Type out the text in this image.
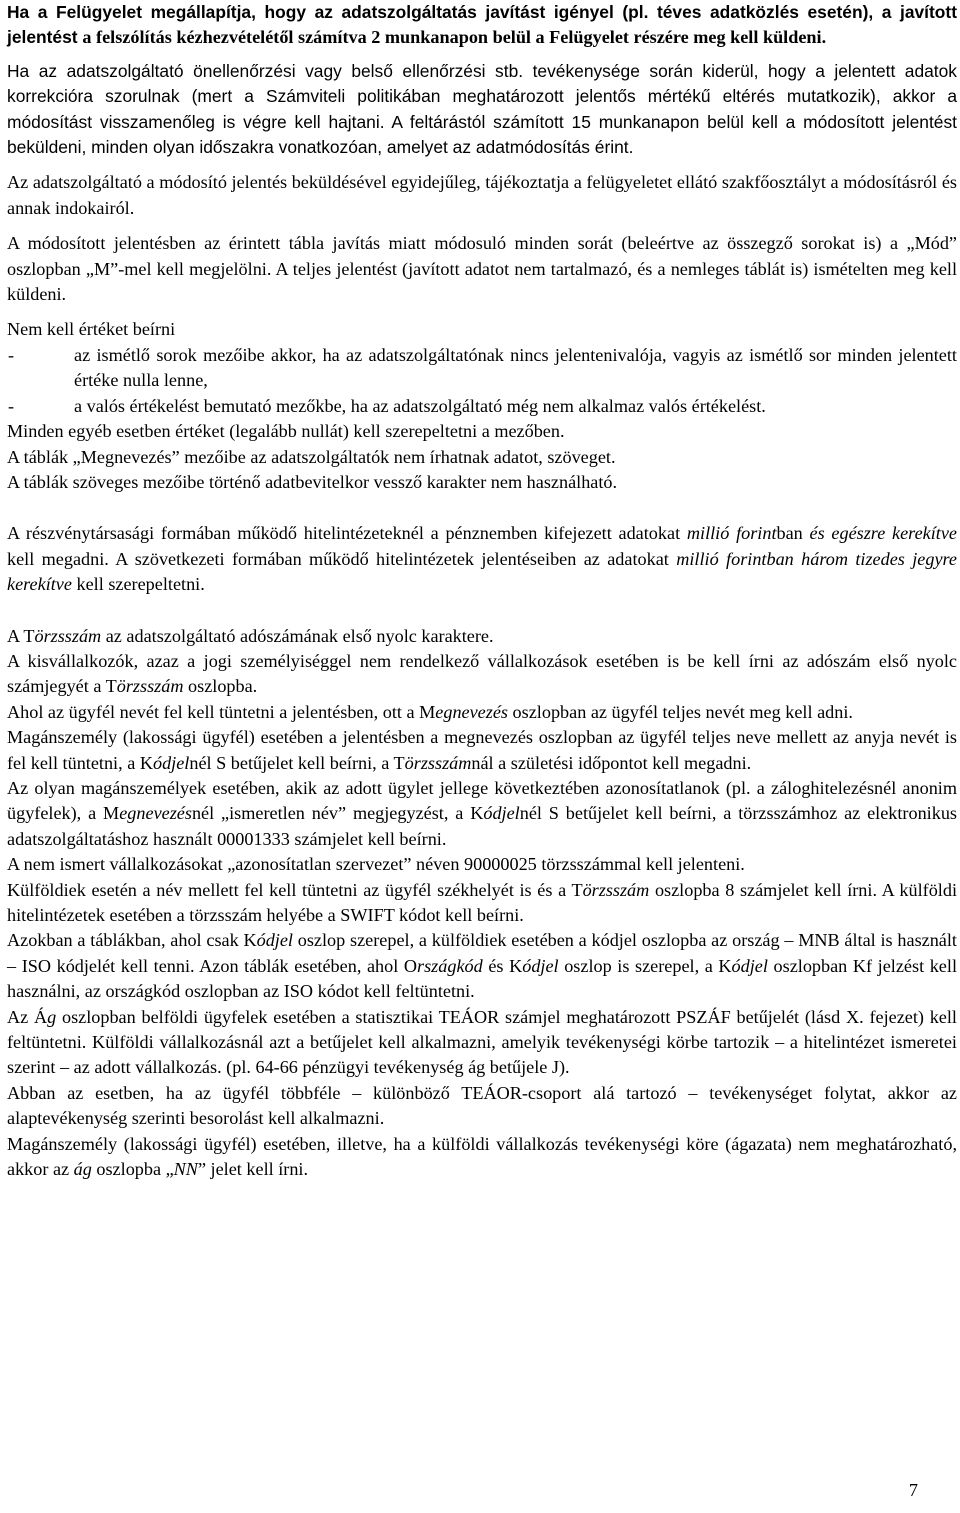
Ha a Felügyelet megállapítja, hogy az adatszolgáltatás javítást igényel (pl. téves adatközlés esetén), a javított jelentést a felszólítás kézhezvételétől számítva 2 munkanapon belül a Felügyelet részére meg kell küldeni.

Ha az adatszolgáltató önellenőrzési vagy belső ellenőrzési stb. tevékenysége során kiderül, hogy a jelentett adatok korrekcióra szorulnak (mert a Számviteli politikában meghatározott jelentős mértékű eltérés mutatkozik), akkor a módosítást visszamenőleg is végre kell hajtani. A feltárástól számított 15 munkanapon belül kell a módosított jelentést beküldeni, minden olyan időszakra vonatkozóan, amelyet az adatmódosítás érint.

Az adatszolgáltató a módosító jelentés beküldésével egyidejűleg, tájékoztatja a felügyeletet ellátó szakfőosztályt a módosításról és annak indokairól.

A módosított jelentésben az érintett tábla javítás miatt módosuló minden sorát (beleértve az összegző sorokat is) a „Mód” oszlopban „M”-mel kell megjelölni. A teljes jelentést (javított adatot nem tartalmazó, és a nemleges táblát is) ismételten meg kell küldeni.

Nem kell értéket beírni

-	az ismétlő sorok mezőibe akkor, ha az adatszolgáltatónak nincs jelentenivalója, vagyis az ismétlő sor minden jelentett értéke nulla lenne,
-	a valós értékelést bemutató mezőkbe, ha az adatszolgáltató még nem alkalmaz valós értékelést.

Minden egyéb esetben értéket (legalább nullát) kell szerepeltetni a mezőben.

A táblák „Megnevezés” mezőibe az adatszolgáltatók nem írhatnak adatot, szöveget.

A táblák szöveges mezőibe történő adatbevitelkor vessző karakter nem használható.

A részvénytársasági formában működő hitelintézeteknél a pénznemben kifejezett adatokat millió forintban és egészre kerekítve kell megadni. A szövetkezeti formában működő hitelintézetek jelentéseiben az adatokat millió forintban három tizedes jegyre kerekítve kell szerepeltetni.

A Törzsszám az adatszolgáltató adószámának első nyolc karaktere.

A kisvállalkozók, azaz a jogi személyiséggel nem rendelkező vállalkozások esetében is be kell írni az adószám első nyolc számjegyét a Törzsszám oszlopba.

Ahol az ügyfél nevét fel kell tüntetni a jelentésben, ott a Megnevezés oszlopban az ügyfél teljes nevét meg kell adni.

Magánszemély (lakossági ügyfél) esetében a jelentésben a megnevezés oszlopban az ügyfél teljes neve mellett az anyja nevét is fel kell tüntetni, a Kódjelnél S betűjelet kell beírni, a Törzsszámnál a születési időpontot kell megadni.

Az olyan magánszemélyek esetében, akik az adott ügylet jellege következtében azonosítatlanok (pl. a záloghitelezésnél anonim ügyfelek), a Megnevezésnél „ismeretlen név” megjegyzést, a Kódjelnél S betűjelet kell beírni, a törzsszámhoz az elektronikus adatszolgáltatáshoz használt 00001333 számjelet kell beírni.

A nem ismert vállalkozásokat „azonosítatlan szervezet” néven 90000025 törzsszámmal kell jelenteni.

Külföldiek esetén a név mellett fel kell tüntetni az ügyfél székhelyét is és a Törzsszám oszlopba 8 számjelet kell írni. A külföldi hitelintézetek esetében a törzsszám helyébe a SWIFT kódot kell beírni.

Azokban a táblákban, ahol csak Kódjel oszlop szerepel, a külföldiek esetében a kódjel oszlopba az ország – MNB által is használt – ISO kódjelét kell tenni. Azon táblák esetében, ahol Országkód és Kódjel oszlop is szerepel, a Kódjel oszlopban Kf jelzést kell használni, az országkód oszlopban az ISO kódot kell feltüntetni.

Az Ág oszlopban belföldi ügyfelek esetében a statisztikai TEÁOR számjel meghatározott PSZÁF betűjelét (lásd X. fejezet) kell feltüntetni. Külföldi vállalkozásnál azt a betűjelet kell alkalmazni, amelyik tevékenységi körbe tartozik – a hitelintézet ismeretei szerint – az adott vállalkozás. (pl. 64-66 pénzügyi tevékenység ág betűjele J).

Abban az esetben, ha az ügyfél többféle – különböző TEÁOR-csoport alá tartozó – tevékenységet folytat, akkor az alaptevékenység szerinti besorolást kell alkalmazni.

Magánszemély (lakossági ügyfél) esetében, illetve, ha a külföldi vállalkozás tevékenységi köre (ágazata) nem meghatározható, akkor az ág oszlopba „NN” jelet kell írni.

7
